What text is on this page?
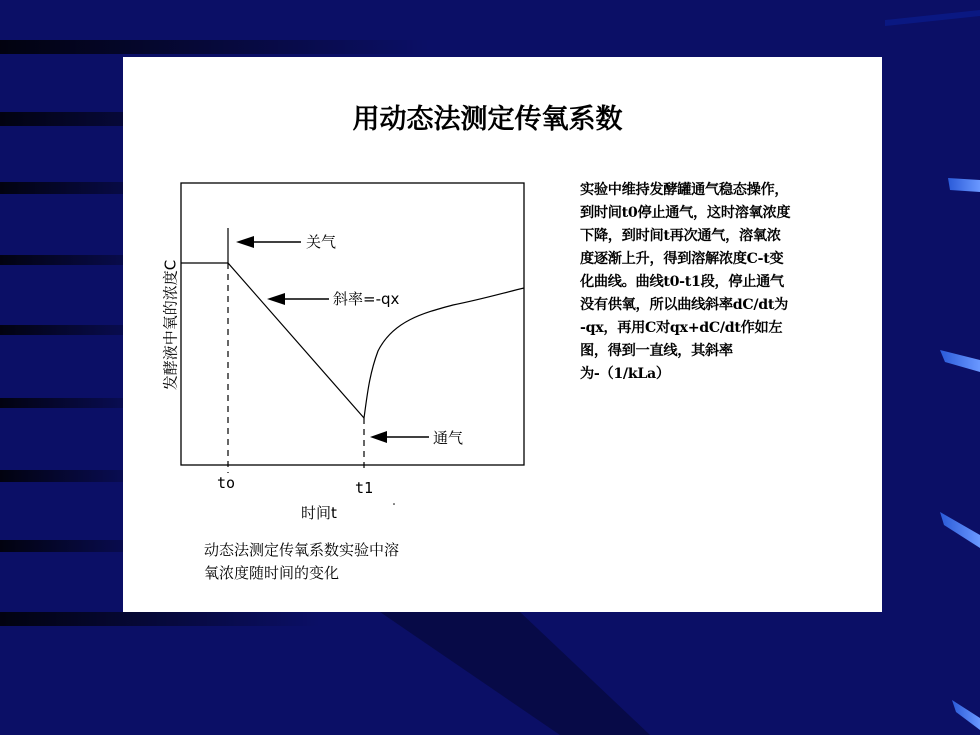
用动态法测定传氧系数
发酵液中氧的浓度C
关气
斜率=-qx
通气
to	t1
时间t
实验中维持发酵罐通气稳态操作，
到时间t0停止通气，这时溶氧浓度
下降，到时间t再次通气，溶氧浓
度逐渐上升，得到溶解浓度C-t变
化曲线。曲线t0-t1段，停止通气
没有供氧，所以曲线斜率dC/dt为
-qx，再用C对qx+dC/dt作如左
图，得到一直线，其斜率
为-（1/kLa）
动态法测定传氧系数实验中溶
氧浓度随时间的变化
